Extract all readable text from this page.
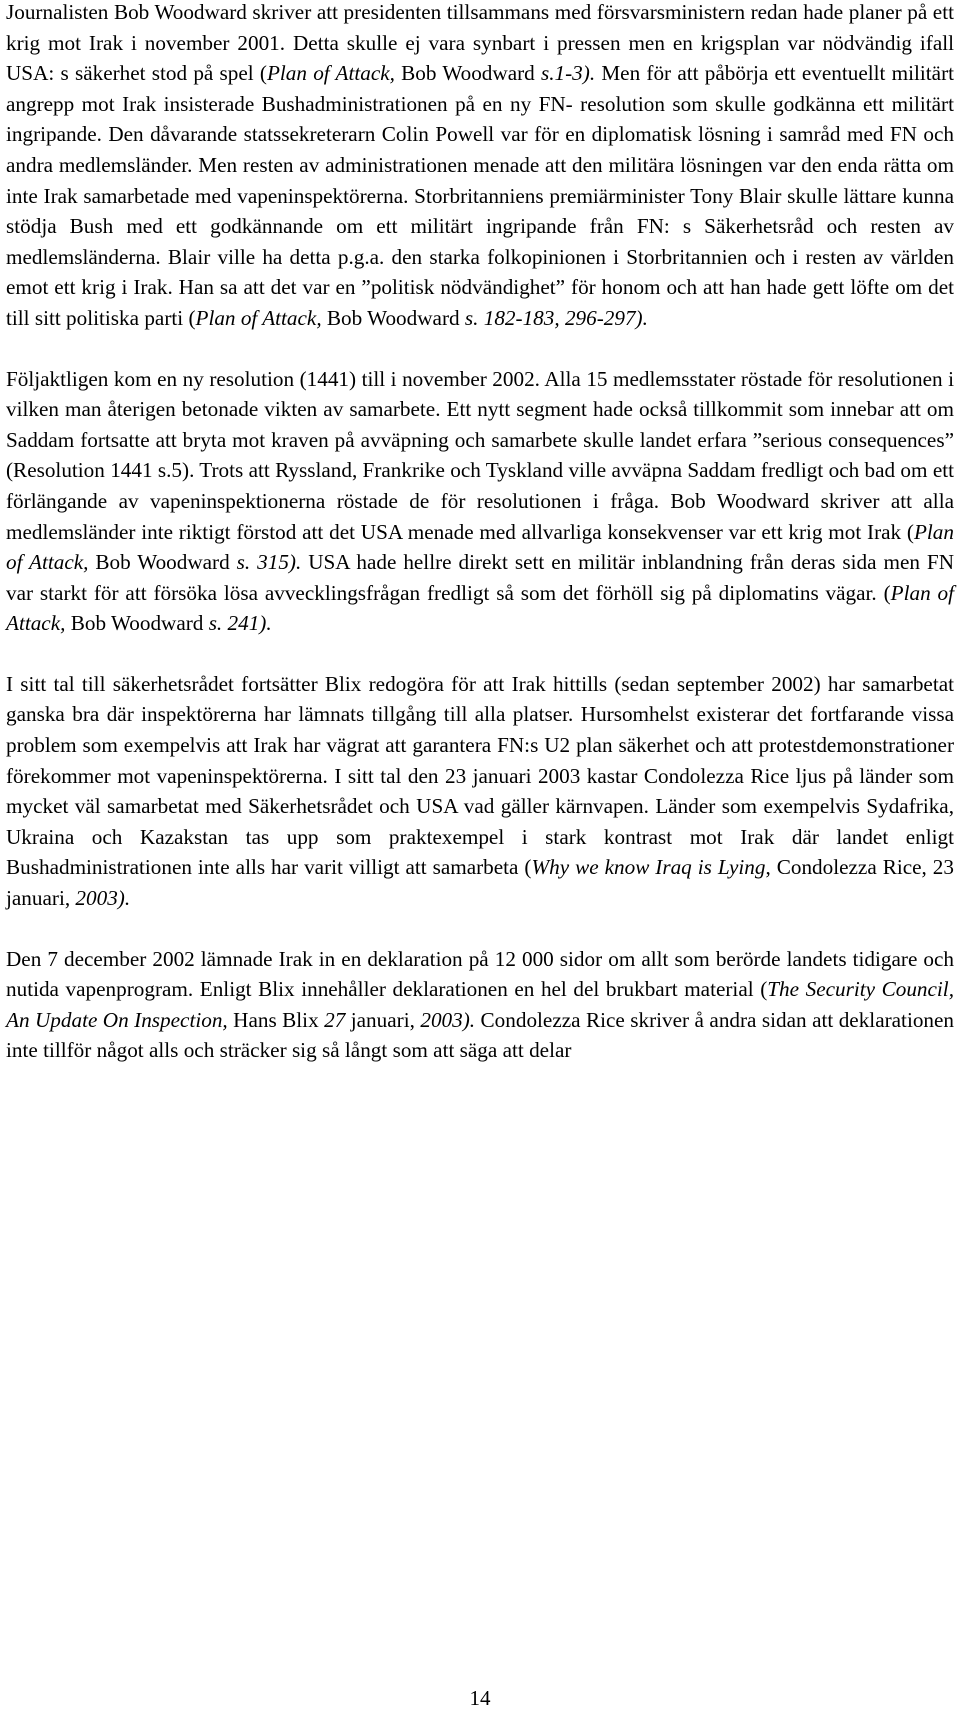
Journalisten Bob Woodward skriver att presidenten tillsammans med försvarsministern redan hade planer på ett krig mot Irak i november 2001. Detta skulle ej vara synbart i pressen men en krigsplan var nödvändig ifall USA: s säkerhet stod på spel (Plan of Attack, Bob Woodward s.1-3). Men för att påbörja ett eventuellt militärt angrepp mot Irak insisterade Bushadministrationen på en ny FN- resolution som skulle godkänna ett militärt ingripande. Den dåvarande statssekreterarn Colin Powell var för en diplomatisk lösning i samråd med FN och andra medlemsländer. Men resten av administrationen menade att den militära lösningen var den enda rätta om inte Irak samarbetade med vapeninspektörerna. Storbritanniens premiärminister Tony Blair skulle lättare kunna stödja Bush med ett godkännande om ett militärt ingripande från FN: s Säkerhetsråd och resten av medlemsländerna. Blair ville ha detta p.g.a. den starka folkopinionen i Storbritannien och i resten av världen emot ett krig i Irak. Han sa att det var en ”politisk nödvändighet” för honom och att han hade gett löfte om det till sitt politiska parti (Plan of Attack, Bob Woodward s. 182-183, 296-297).

Följaktligen kom en ny resolution (1441) till i november 2002. Alla 15 medlemsstater röstade för resolutionen i vilken man återigen betonade vikten av samarbete. Ett nytt segment hade också tillkommit som innebar att om Saddam fortsatte att bryta mot kraven på avväpning och samarbete skulle landet erfara ”serious consequences” (Resolution 1441 s.5). Trots att Ryssland, Frankrike och Tyskland ville avväpna Saddam fredligt och bad om ett förlängande av vapeninspektionerna röstade de för resolutionen i fråga. Bob Woodward skriver att alla medlemsländer inte riktigt förstod att det USA menade med allvarliga konsekvenser var ett krig mot Irak (Plan of Attack, Bob Woodward s. 315). USA hade hellre direkt sett en militär inblandning från deras sida men FN var starkt för att försöka lösa avvecklingsfrågan fredligt så som det förhöll sig på diplomatins vägar. (Plan of Attack, Bob Woodward s. 241).

I sitt tal till säkerhetsrådet fortsätter Blix redogöra för att Irak hittills (sedan september 2002) har samarbetat ganska bra där inspektörerna har lämnats tillgång till alla platser. Hursomhelst existerar det fortfarande vissa problem som exempelvis att Irak har vägrat att garantera FN:s U2 plan säkerhet och att protestdemonstrationer förekommer mot vapeninspektörerna. I sitt tal den 23 januari 2003 kastar Condolezza Rice ljus på länder som mycket väl samarbetat med Säkerhetsrådet och USA vad gäller kärnvapen. Länder som exempelvis Sydafrika, Ukraina och Kazakstan tas upp som praktexempel i stark kontrast mot Irak där landet enligt Bushadministrationen inte alls har varit villigt att samarbeta (Why we know Iraq is Lying, Condolezza Rice, 23 januari, 2003).

Den 7 december 2002 lämnade Irak in en deklaration på 12 000 sidor om allt som berörde landets tidigare och nutida vapenprogram. Enligt Blix innehåller deklarationen en hel del brukbart material (The Security Council, An Update On Inspection, Hans Blix 27 januari, 2003). Condolezza Rice skriver å andra sidan att deklarationen inte tillför något alls och sträcker sig så långt som att säga att delar

14
